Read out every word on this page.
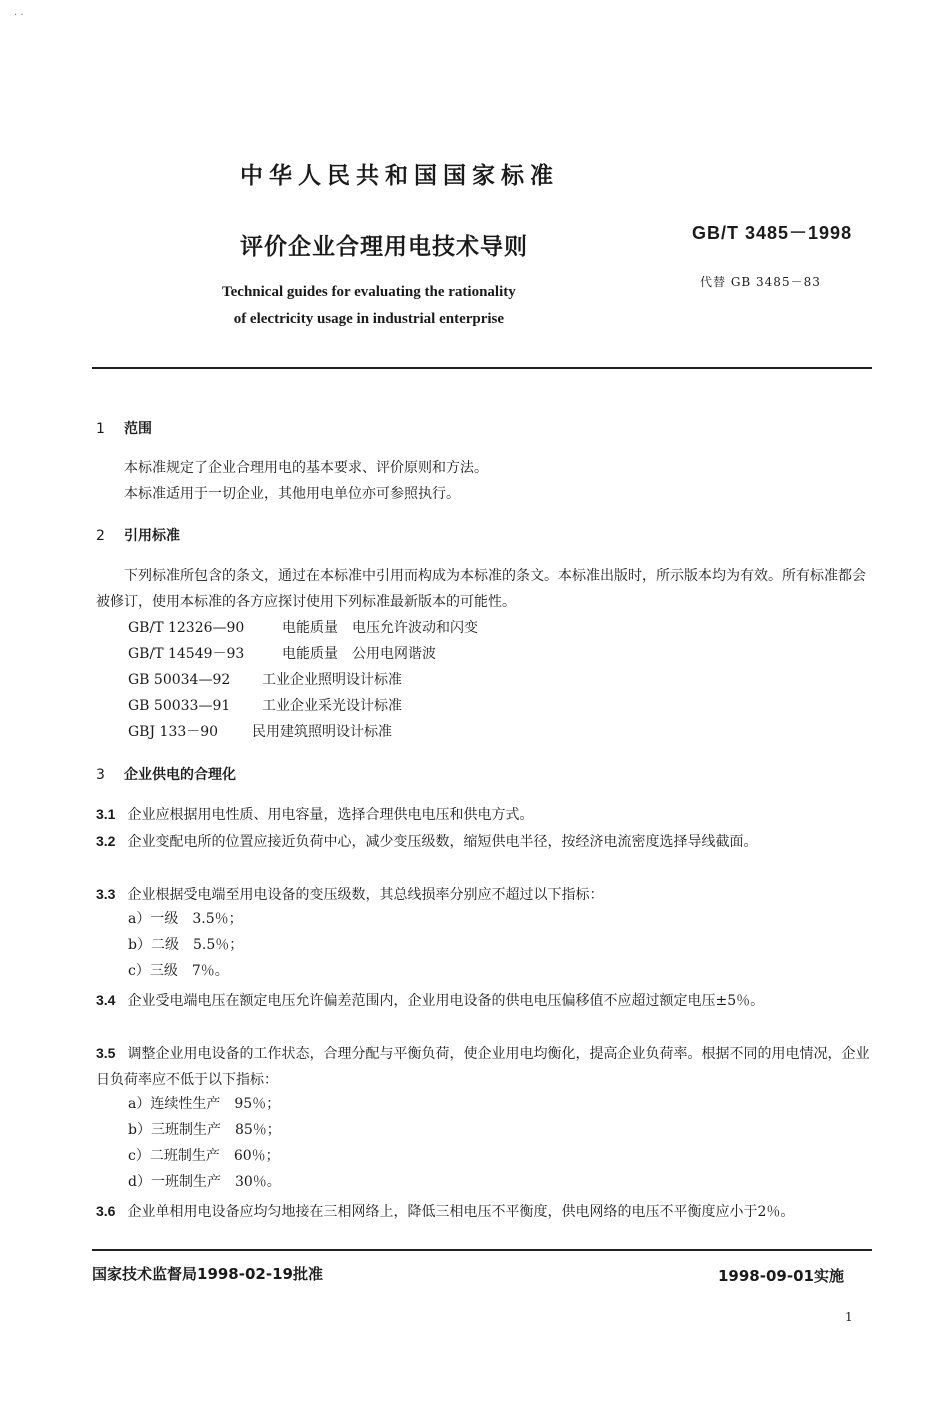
· ·
中华人民共和国国家标准
评价企业合理用电技术导则
Technical guides for evaluating the rationality
of electricity usage in industrial enterprise
GB/T 3485－1998
代替 GB 3485－83
1 范围
本标准规定了企业合理用电的基本要求、评价原则和方法。
本标准适用于一切企业，其他用电单位亦可参照执行。
2 引用标准
下列标准所包含的条文，通过在本标准中引用而构成为本标准的条文。本标准出版时，所示版本均为有效。所有标准都会被修订，使用本标准的各方应探讨使用下列标准最新版本的可能性。
GB/T 12326—90	电能质量　电压允许波动和闪变
GB/T 14549－93	电能质量　公用电网谐波
GB 50034—92 工业企业照明设计标准
GB 50033—91 工业企业采光设计标准
GBJ 133－90 民用建筑照明设计标准
3 企业供电的合理化
3.1 企业应根据用电性质、用电容量，选择合理供电电压和供电方式。
3.2 企业变配电所的位置应接近负荷中心，减少变压级数，缩短供电半径，按经济电流密度选择导线截面。
3.3 企业根据受电端至用电设备的变压级数，其总线损率分别应不超过以下指标：
a）一级 3.5％；
b）二级 5.5％；
c）三级 7％。
3.4 企业受电端电压在额定电压允许偏差范围内，企业用电设备的供电电压偏移值不应超过额定电压±5％。
3.5 调整企业用电设备的工作状态，合理分配与平衡负荷，使企业用电均衡化，提高企业负荷率。根据不同的用电情况，企业日负荷率应不低于以下指标：
a）连续性生产 95％；
b）三班制生产 85％；
c）二班制生产 60％；
d）一班制生产 30％。
3.6 企业单相用电设备应均匀地接在三相网络上，降低三相电压不平衡度，供电网络的电压不平衡度应小于2％。
国家技术监督局1998-02-19批准	1998-09-01实施
1
